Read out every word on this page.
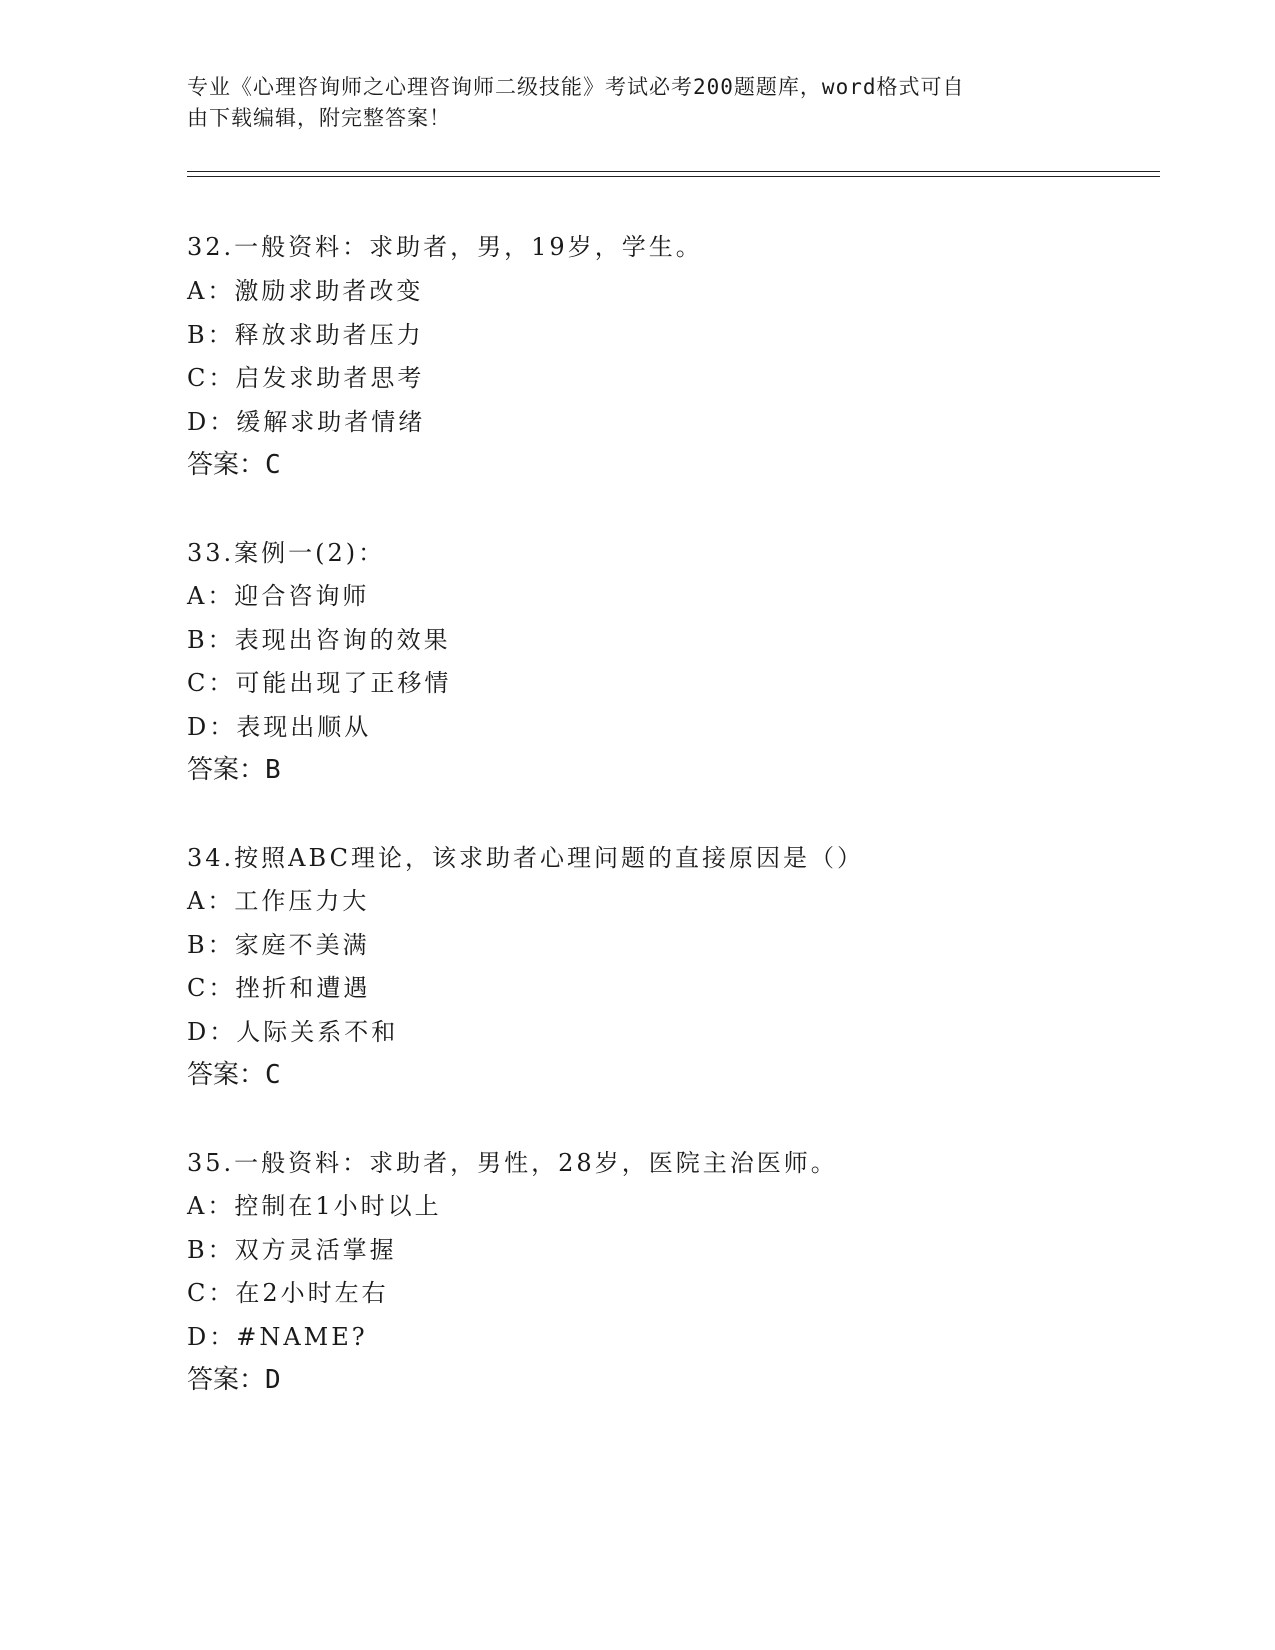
专业《心理咨询师之心理咨询师二级技能》考试必考200题题库，word格式可自
由下载编辑，附完整答案！
32.一般资料：求助者，男，19岁，学生。
A：激励求助者改变
B：释放求助者压力
C：启发求助者思考
D：缓解求助者情绪
答案：C
33.案例一(2)：
A：迎合咨询师
B：表现出咨询的效果
C：可能出现了正移情
D：表现出顺从
答案：B
34.按照ABC理论，该求助者心理问题的直接原因是（）
A：工作压力大
B：家庭不美满
C：挫折和遭遇
D：人际关系不和
答案：C
35.一般资料：求助者，男性，28岁，医院主治医师。
A：控制在1小时以上
B：双方灵活掌握
C：在2小时左右
D：#NAME?
答案：D
